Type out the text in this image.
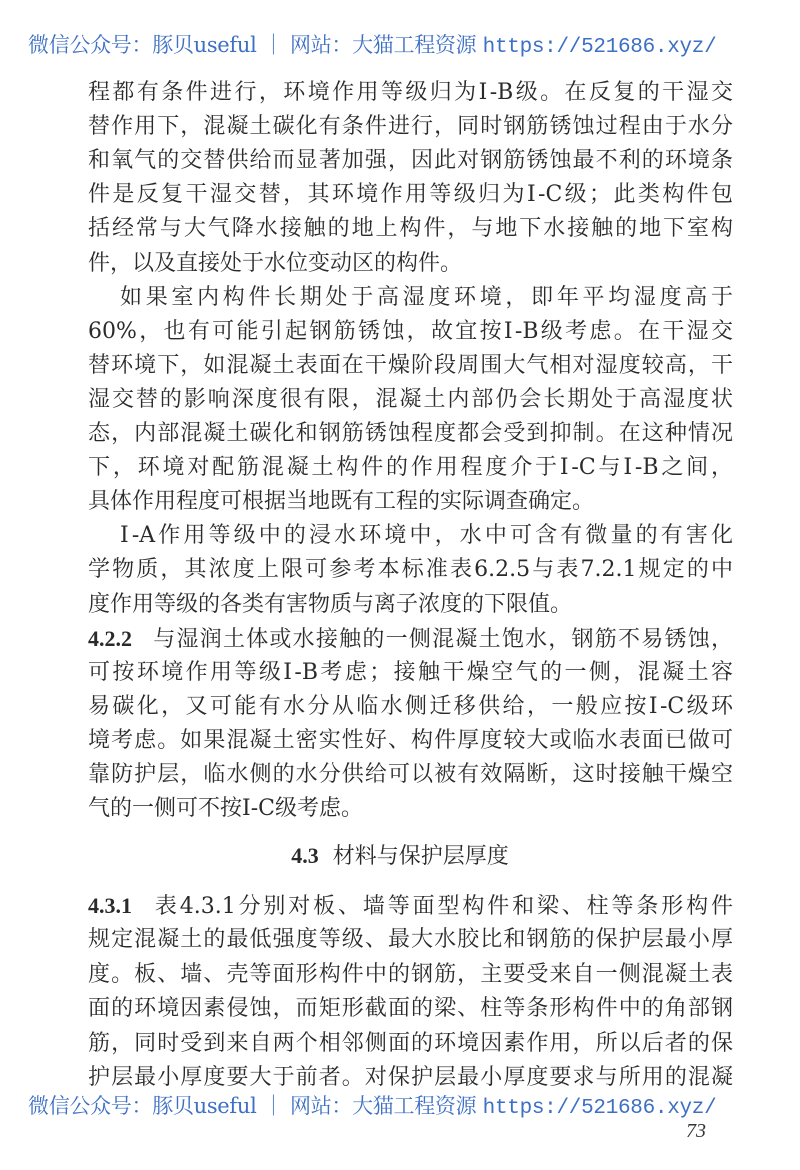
微信公众号：豚贝useful ｜ 网站：大猫工程资源 https://521686.xyz/
程都有条件进行，环境作用等级归为Ⅰ-B级。在反复的干湿交
替作用下，混凝土碳化有条件进行，同时钢筋锈蚀过程由于水分
和氧气的交替供给而显著加强，因此对钢筋锈蚀最不利的环境条
件是反复干湿交替，其环境作用等级归为Ⅰ-C级；此类构件包
括经常与大气降水接触的地上构件，与地下水接触的地下室构
件，以及直接处于水位变动区的构件。
如果室内构件长期处于高湿度环境，即年平均湿度高于
60%，也有可能引起钢筋锈蚀，故宜按Ⅰ-B级考虑。在干湿交
替环境下，如混凝土表面在干燥阶段周围大气相对湿度较高，干
湿交替的影响深度很有限，混凝土内部仍会长期处于高湿度状
态，内部混凝土碳化和钢筋锈蚀程度都会受到抑制。在这种情况
下，环境对配筋混凝土构件的作用程度介于Ⅰ-C与Ⅰ-B之间，
具体作用程度可根据当地既有工程的实际调查确定。
Ⅰ-A作用等级中的浸水环境中，水中可含有微量的有害化
学物质，其浓度上限可参考本标准表6.2.5与表7.2.1规定的中
度作用等级的各类有害物质与离子浓度的下限值。
4.2.2 与湿润土体或水接触的一侧混凝土饱水，钢筋不易锈蚀，
可按环境作用等级Ⅰ-B考虑；接触干燥空气的一侧，混凝土容
易碳化，又可能有水分从临水侧迁移供给，一般应按Ⅰ-C级环
境考虑。如果混凝土密实性好、构件厚度较大或临水表面已做可
靠防护层，临水侧的水分供给可以被有效隔断，这时接触干燥空
气的一侧可不按Ⅰ-C级考虑。
4.3.1 表4.3.1分别对板、墙等面型构件和梁、柱等条形构件
规定混凝土的最低强度等级、最大水胶比和钢筋的保护层最小厚
度。板、墙、壳等面形构件中的钢筋，主要受来自一侧混凝土表
面的环境因素侵蚀，而矩形截面的梁、柱等条形构件中的角部钢
筋，同时受到来自两个相邻侧面的环境因素作用，所以后者的保
护层最小厚度要大于前者。对保护层最小厚度要求与所用的混凝
4.3 材料与保护层厚度
微信公众号：豚贝useful ｜ 网站：大猫工程资源 https://521686.xyz/
73
